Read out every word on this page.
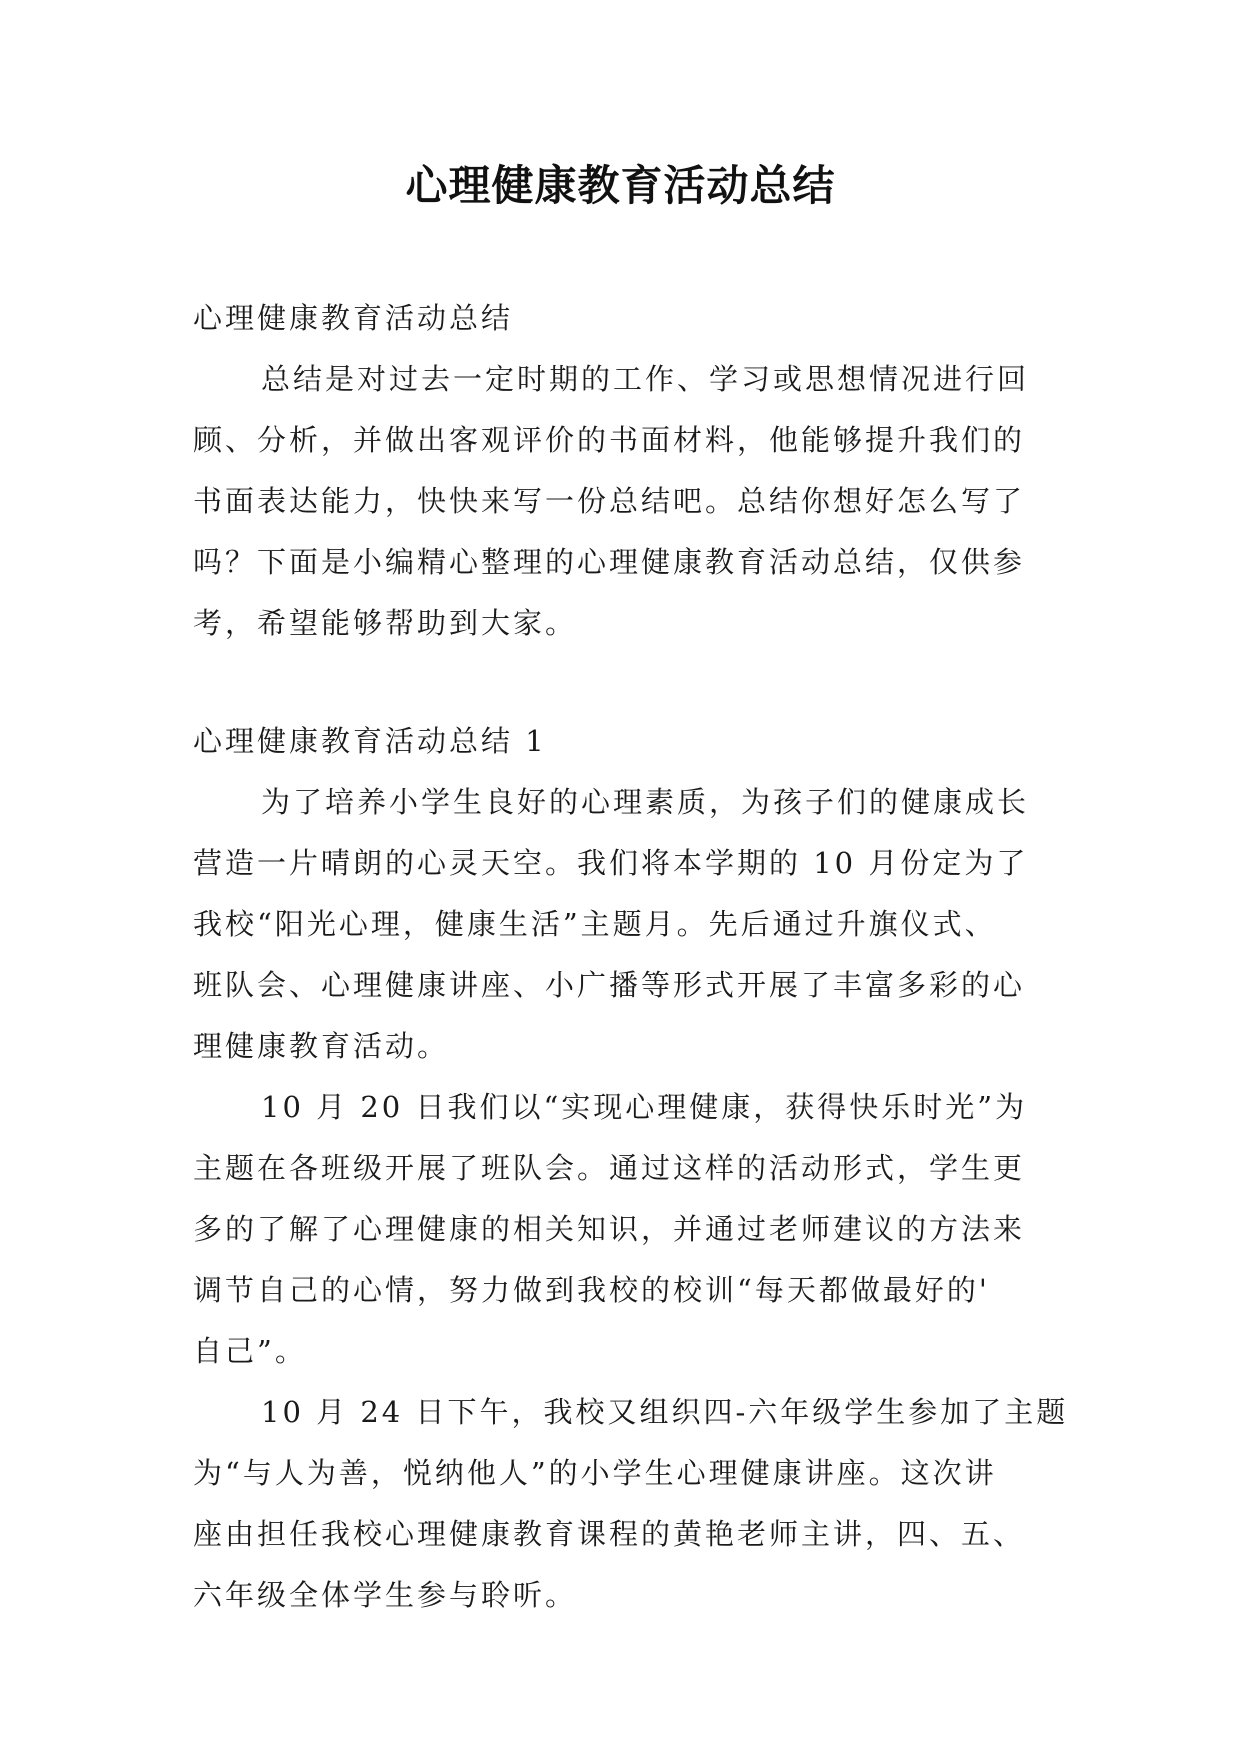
心理健康教育活动总结
心理健康教育活动总结
总结是对过去一定时期的工作、学习或思想情况进行回
顾、分析，并做出客观评价的书面材料，他能够提升我们的
书面表达能力，快快来写一份总结吧。总结你想好怎么写了
吗？下面是小编精心整理的心理健康教育活动总结，仅供参
考，希望能够帮助到大家。
心理健康教育活动总结 1
为了培养小学生良好的心理素质，为孩子们的健康成长
营造一片晴朗的心灵天空。我们将本学期的 10 月份定为了
我校“阳光心理，健康生活”主题月。先后通过升旗仪式、
班队会、心理健康讲座、小广播等形式开展了丰富多彩的心
理健康教育活动。
10 月 20 日我们以“实现心理健康，获得快乐时光”为
主题在各班级开展了班队会。通过这样的活动形式，学生更
多的了解了心理健康的相关知识，并通过老师建议的方法来
调节自己的心情，努力做到我校的校训“每天都做最好的'
自己”。
10 月 24 日下午，我校又组织四-六年级学生参加了主题
为“与人为善，悦纳他人”的小学生心理健康讲座。这次讲
座由担任我校心理健康教育课程的黄艳老师主讲，四、五、
六年级全体学生参与聆听。
